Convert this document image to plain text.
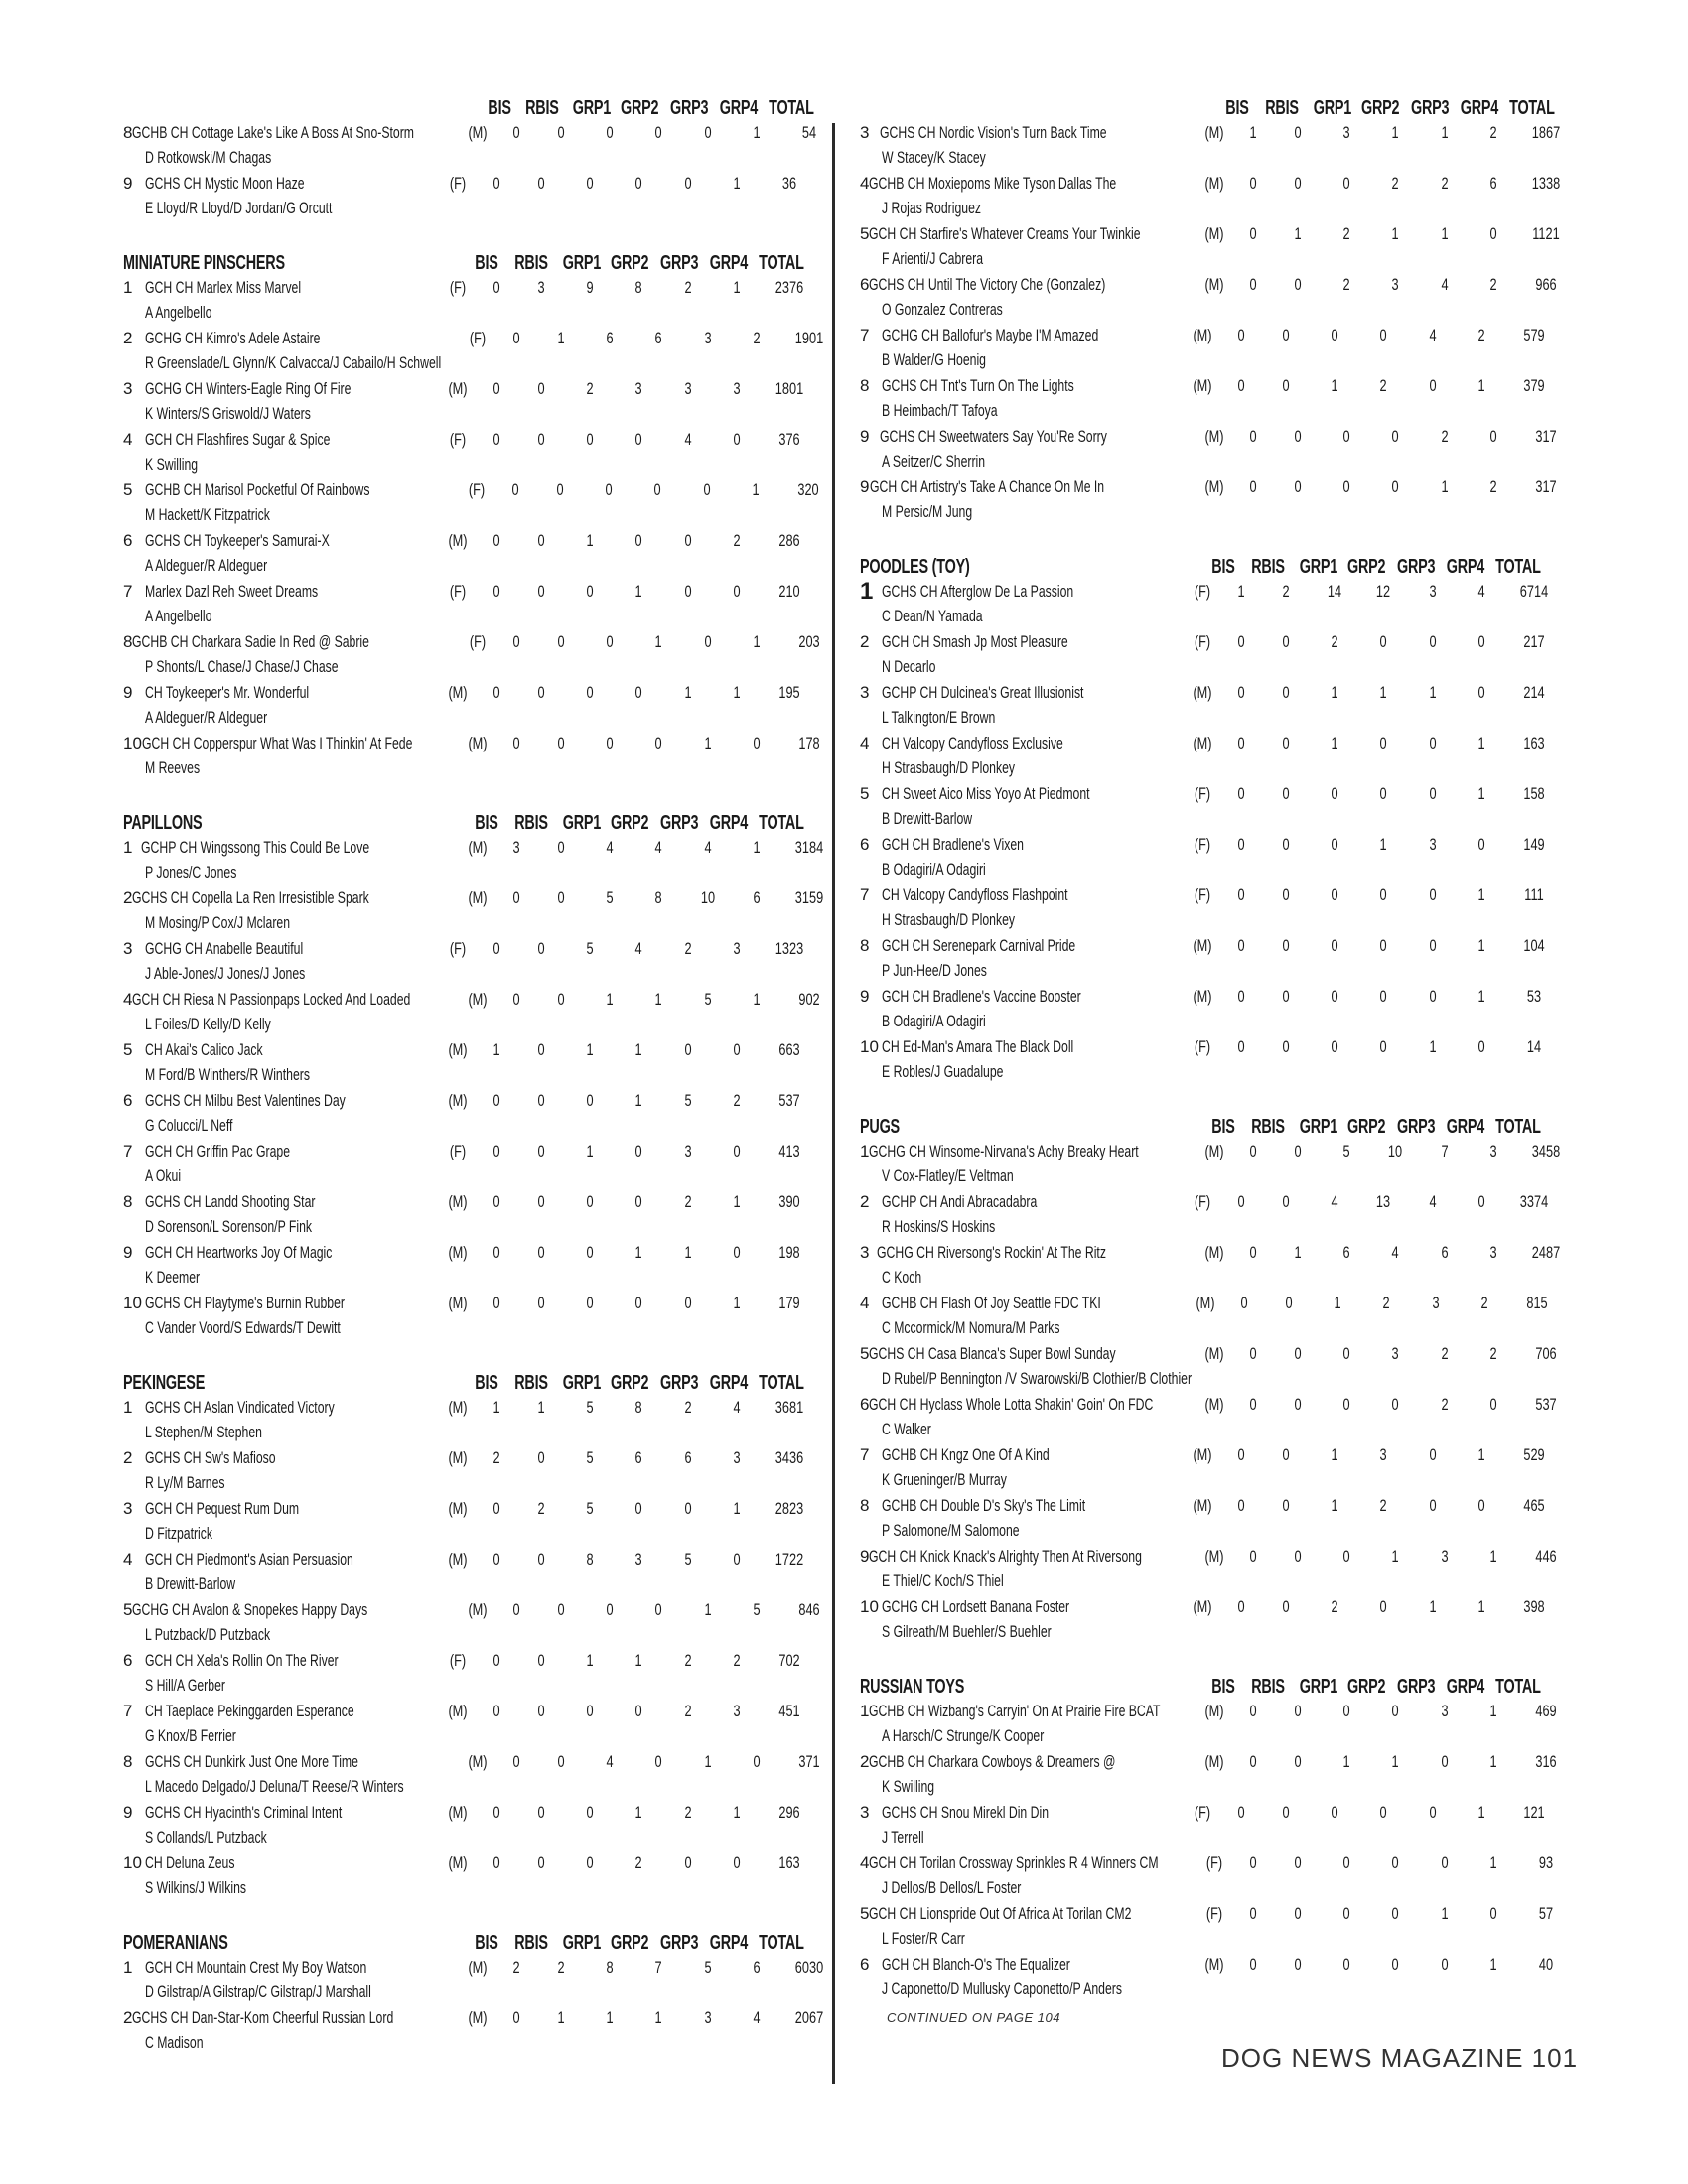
BIS RBIS GRP1 GRP2 GRP3 GRP4 TOTAL
8 GCHB CH Cottage Lake's Like A Boss At Sno-Storm
D Rotkowski/M Chagas
(M)	0	0	0	0	0	1	54
9 GCHS CH Mystic Moon Haze
E Lloyd/R Lloyd/D Jordan/G Orcutt
(F)	0	0	0	0	0	1	36
MINIATURE PINSCHERS	BIS RBIS GRP1 GRP2 GRP3 GRP4 TOTAL
1 GCH CH Marlex Miss Marvel
A Angelbello
(F)	0	3	9	8	2	1	2376
2 GCHG CH Kimro's Adele Astaire
R Greenslade/L Glynn/K Calvacca/J Cabailo/H Schwell
(F)	0	1	6	6	3	2	1901
3 GCHG CH Winters-Eagle Ring Of Fire
K Winters/S Griswold/J Waters
(M)	0	0	2	3	3	3	1801
4 GCH CH Flashfires Sugar & Spice
K Swilling
(F)	0	0	0	0	4	0	376
5 GCHB CH Marisol Pocketful Of Rainbows
M Hackett/K Fitzpatrick
(F)	0	0	0	0	0	1	320
6 GCHS CH Toykeeper's Samurai-X
A Aldeguer/R Aldeguer
(M)	0	0	1	0	0	2	286
7 Marlex Dazl Reh Sweet Dreams
A Angelbello
(F)	0	0	0	1	0	0	210
8 GCHB CH Charkara Sadie In Red @ Sabrie
P Shonts/L Chase/J Chase/J Chase
(F)	0	0	0	1	0	1	203
9 CH Toykeeper's Mr. Wonderful
A Aldeguer/R Aldeguer
(M)	0	0	0	0	1	1	195
10 GCH CH Copperspur What Was I Thinkin' At Fede
M Reeves
(M)	0	0	0	0	1	0	178
PAPILLONS	BIS RBIS GRP1 GRP2 GRP3 GRP4 TOTAL
1 GCHP CH Wingssong This Could Be Love
P Jones/C Jones
(M)	3	0	4	4	4	1	3184
2 GCHS CH Copella La Ren Irresistible Spark
M Mosing/P Cox/J Mclaren
(M)	0	0	5	8	10	6	3159
3 GCHG CH Anabelle Beautiful
J Able-Jones/J Jones/J Jones
(F)	0	0	5	4	2	3	1323
4 GCH CH Riesa N Passionpaps Locked And Loaded
L Foiles/D Kelly/D Kelly
(M)	0	0	1	1	5	1	902
5 CH Akai's Calico Jack
M Ford/B Winthers/R Winthers
(M)	1	0	1	1	0	0	663
6 GCHS CH Milbu Best Valentines Day
G Colucci/L Neff
(M)	0	0	0	1	5	2	537
7 GCH CH Griffin Pac Grape
A Okui
(F)	0	0	1	0	3	0	413
8 GCHS CH Landd Shooting Star
D Sorenson/L Sorenson/P Fink
(M)	0	0	0	0	2	1	390
9 GCH CH Heartworks Joy Of Magic
K Deemer
(M)	0	0	0	1	1	0	198
10 GCHS CH Playtyme's Burnin Rubber
C Vander Voord/S Edwards/T Dewitt
(M)	0	0	0	0	0	1	179
PEKINGESE	BIS RBIS GRP1 GRP2 GRP3 GRP4 TOTAL
1 GCHS CH Aslan Vindicated Victory
L Stephen/M Stephen
(M)	1	1	5	8	2	4	3681
2 GCHS CH Sw's Mafioso
R Ly/M Barnes
(M)	2	0	5	6	6	3	3436
3 GCH CH Pequest Rum Dum
D Fitzpatrick
(M)	0	2	5	0	0	1	2823
4 GCH CH Piedmont's Asian Persuasion
B Drewitt-Barlow
(M)	0	0	8	3	5	0	1722
5 GCHG CH Avalon & Snopekes Happy Days
L Putzback/D Putzback
(M)	0	0	0	0	1	5	846
6 GCH CH Xela's Rollin On The River
S Hill/A Gerber
(F)	0	0	1	1	2	2	702
7 CH Taeplace Pekinggarden Esperance
G Knox/B Ferrier
(M)	0	0	0	0	2	3	451
8 GCHS CH Dunkirk Just One More Time
L Macedo Delgado/J Deluna/T Reese/R Winters
(M)	0	0	4	0	1	0	371
9 GCHS CH Hyacinth's Criminal Intent
S Collands/L Putzback
(M)	0	0	0	1	2	1	296
10 CH Deluna Zeus
S Wilkins/J Wilkins
(M)	0	0	0	2	0	0	163
POMERANIANS	BIS RBIS GRP1 GRP2 GRP3 GRP4 TOTAL
1 GCH CH Mountain Crest My Boy Watson
D Gilstrap/A Gilstrap/C Gilstrap/J Marshall
(M)	2	2	8	7	5	6	6030
2 GCHS CH Dan-Star-Kom Cheerful Russian Lord
C Madison
(M)	0	1	1	1	3	4	2067
BIS RBIS GRP1 GRP2 GRP3 GRP4 TOTAL
3 GCHS CH Nordic Vision's Turn Back Time
W Stacey/K Stacey
(M)	1	0	3	1	1	2	1867
4 GCHB CH Moxiepoms Mike Tyson Dallas The
J Rojas Rodriguez
(M)	0	0	0	2	2	6	1338
5 GCH CH Starfire's Whatever Creams Your Twinkie
F Arienti/J Cabrera
(M)	0	1	2	1	1	0	1121
6 GCHS CH Until The Victory Che (Gonzalez)
O Gonzalez Contreras
(M)	0	0	2	3	4	2	966
7 GCHG CH Ballofur's Maybe I'M Amazed
B Walder/G Hoenig
(M)	0	0	0	0	4	2	579
8 GCHS CH Tnt's Turn On The Lights
B Heimbach/T Tafoya
(M)	0	0	1	2	0	1	379
9 GCHS CH Sweetwaters Say You'Re Sorry
A Seitzer/C Sherrin
(M)	0	0	0	0	2	0	317
9 GCH CH Artistry's Take A Chance On Me In
M Persic/M Jung
(M)	0	0	0	0	1	2	317
POODLES (TOY)	BIS RBIS GRP1 GRP2 GRP3 GRP4 TOTAL
1 GCHS CH Afterglow De La Passion
C Dean/N Yamada
(F)	1	2	14	12	3	4	6714
2 GCH CH Smash Jp Most Pleasure
N Decarlo
(F)	0	0	2	0	0	0	217
3 GCHP CH Dulcinea's Great Illusionist
L Talkington/E Brown
(M)	0	0	1	1	1	0	214
4 CH Valcopy Candyfloss Exclusive
H Strasbaugh/D Plonkey
(M)	0	0	1	0	0	1	163
5 CH Sweet Aico Miss Yoyo At Piedmont
B Drewitt-Barlow
(F)	0	0	0	0	0	1	158
6 GCH CH Bradlene's Vixen
B Odagiri/A Odagiri
(F)	0	0	0	1	3	0	149
7 CH Valcopy Candyfloss Flashpoint
H Strasbaugh/D Plonkey
(F)	0	0	0	0	0	1	111
8 GCH CH Serenepark Carnival Pride
P Jun-Hee/D Jones
(M)	0	0	0	0	0	1	104
9 GCH CH Bradlene's Vaccine Booster
B Odagiri/A Odagiri
(M)	0	0	0	0	0	1	53
10 CH Ed-Man's Amara The Black Doll
E Robles/J Guadalupe
(F)	0	0	0	0	1	0	14
PUGS	BIS RBIS GRP1 GRP2 GRP3 GRP4 TOTAL
1 GCHG CH Winsome-Nirvana's Achy Breaky Heart
V Cox-Flatley/E Veltman
(M)	0	0	5	10	7	3	3458
2 GCHP CH Andi Abracadabra
R Hoskins/S Hoskins
(F)	0	0	4	13	4	0	3374
3 GCHG CH Riversong's Rockin' At The Ritz
C Koch
(M)	0	1	6	4	6	3	2487
4 GCHB CH Flash Of Joy Seattle FDC TKI
C Mccormick/M Nomura/M Parks
(M)	0	0	1	2	3	2	815
5 GCHS CH Casa Blanca's Super Bowl Sunday
D Rubel/P Bennington /V Swarowski/B Clothier/B Clothier
(M)	0	0	0	3	2	2	706
6 GCH CH Hyclass Whole Lotta Shakin' Goin' On FDC
C Walker
(M)	0	0	0	0	2	0	537
7 GCHB CH Kngz One Of A Kind
K Grueninger/B Murray
(M)	0	0	1	3	0	1	529
8 GCHB CH Double D's Sky's The Limit
P Salomone/M Salomone
(M)	0	0	1	2	0	0	465
9 GCH CH Knick Knack's Alrighty Then At Riversong
E Thiel/C Koch/S Thiel
(M)	0	0	0	1	3	1	446
10 GCHG CH Lordsett Banana Foster
S Gilreath/M Buehler/S Buehler
(M)	0	0	2	0	1	1	398
RUSSIAN TOYS	BIS RBIS GRP1 GRP2 GRP3 GRP4 TOTAL
1 GCHB CH Wizbang's Carryin' On At Prairie Fire BCAT
A Harsch/C Strunge/K Cooper
(M)	0	0	0	0	3	1	469
2 GCHB CH Charkara Cowboys & Dreamers @
K Swilling
(M)	0	0	1	1	0	1	316
3 GCHS CH Snou Mirekl Din Din
J Terrell
(F)	0	0	0	0	0	1	121
4 GCH CH Torilan Crossway Sprinkles R 4 Winners CM
J Dellos/B Dellos/L Foster
(F)	0	0	0	0	0	1	93
5 GCH CH Lionspride Out Of Africa At Torilan CM2
L Foster/R Carr
(F)	0	0	0	0	1	0	57
6 GCH CH Blanch-O's The Equalizer
J Caponetto/D Mullusky Caponetto/P Anders
(M)	0	0	0	0	0	1	40
CONTINUED ON PAGE 104
DOG NEWS MAGAZINE 101
